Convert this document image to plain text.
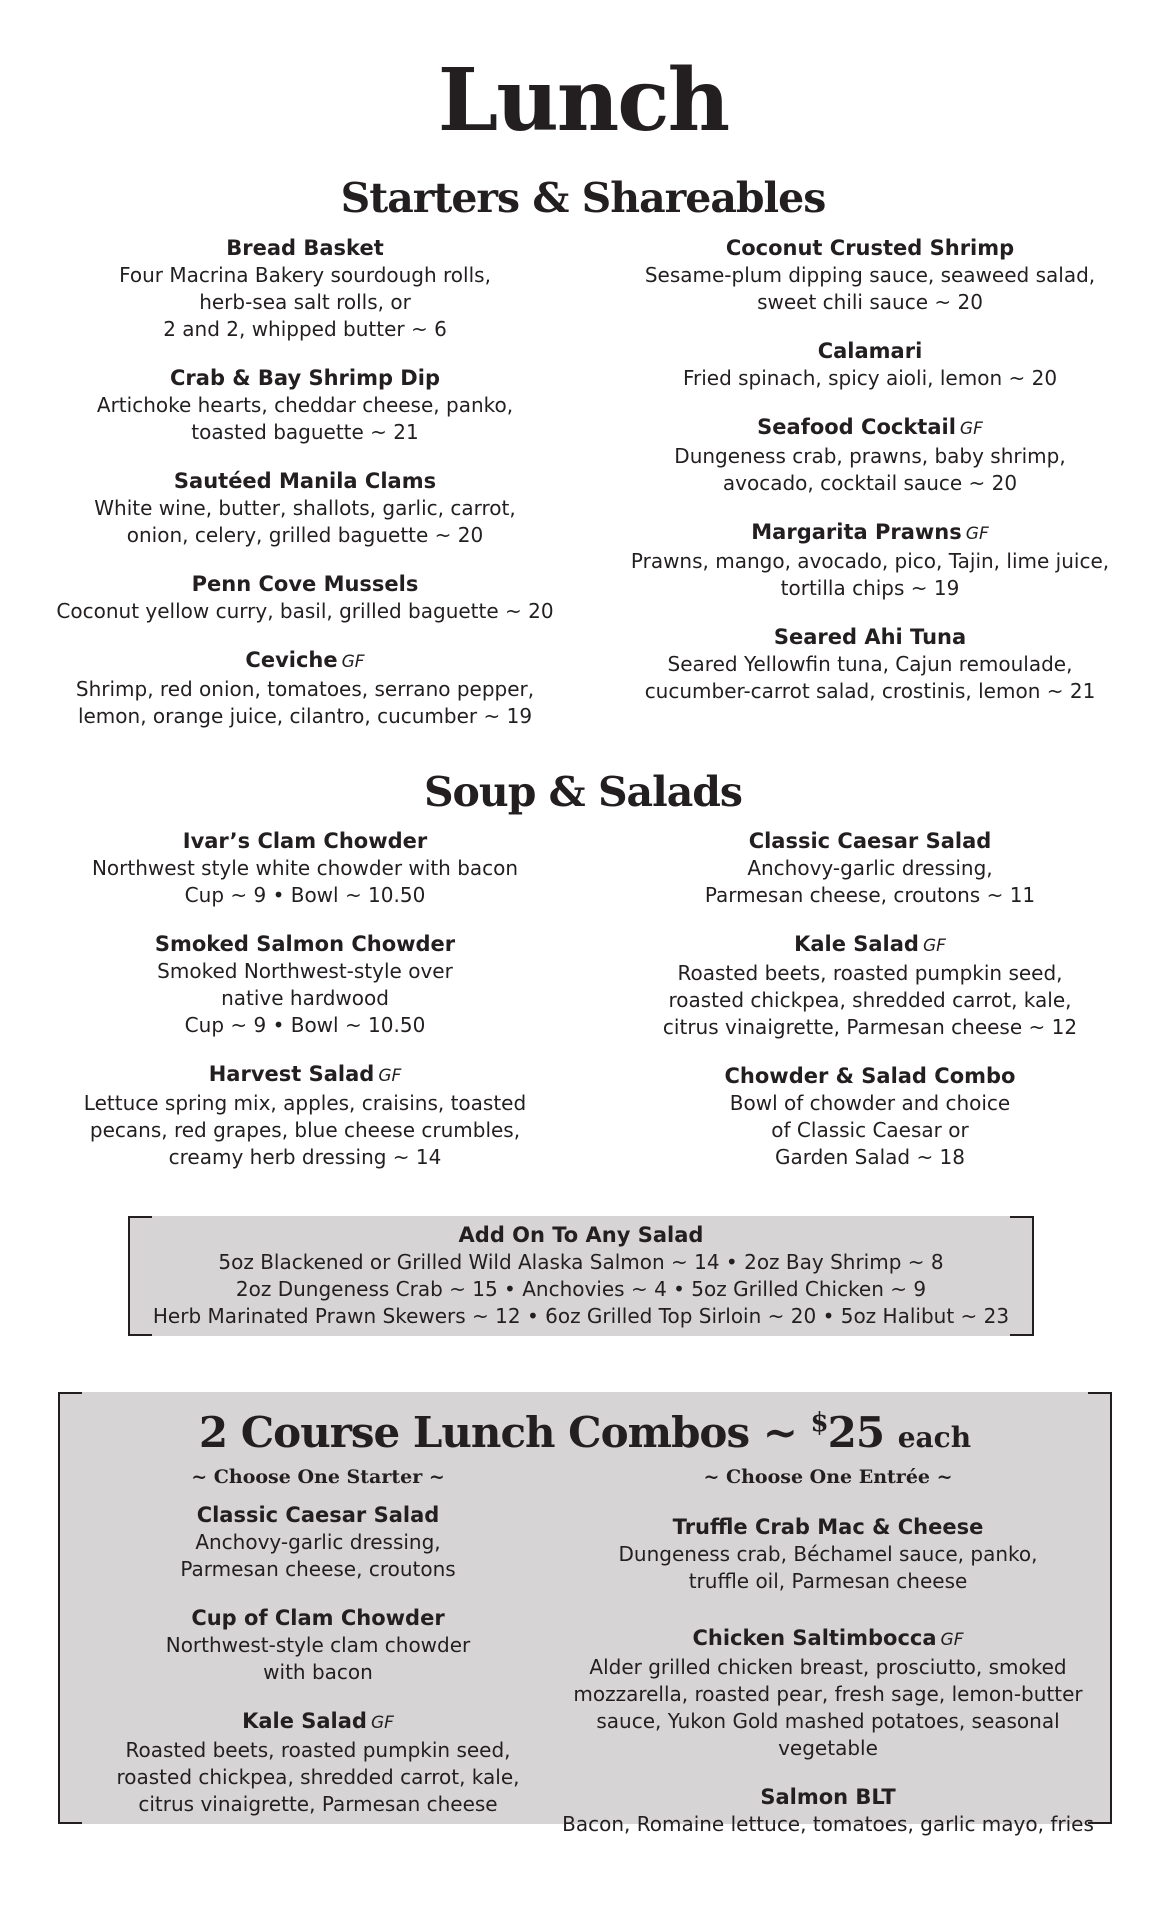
Lunch
Starters & Shareables
Bread Basket
Four Macrina Bakery sourdough rolls,
herb-sea salt rolls, or
2 and 2, whipped butter ~ 6
Crab & Bay Shrimp Dip
Artichoke hearts, cheddar cheese, panko,
toasted baguette ~ 21
Sautéed Manila Clams
White wine, butter, shallots, garlic, carrot,
onion, celery, grilled baguette ~ 20
Penn Cove Mussels
Coconut yellow curry, basil, grilled baguette ~ 20
Ceviche GF
Shrimp, red onion, tomatoes, serrano pepper,
lemon, orange juice, cilantro, cucumber ~ 19
Coconut Crusted Shrimp
Sesame-plum dipping sauce, seaweed salad,
sweet chili sauce ~ 20
Calamari
Fried spinach, spicy aioli, lemon ~ 20
Seafood Cocktail GF
Dungeness crab, prawns, baby shrimp,
avocado, cocktail sauce ~ 20
Margarita Prawns GF
Prawns, mango, avocado, pico, Tajin, lime juice,
tortilla chips ~ 19
Seared Ahi Tuna
Seared Yellowfin tuna, Cajun remoulade,
cucumber-carrot salad, crostinis, lemon ~ 21
Soup & Salads
Ivar’s Clam Chowder
Northwest style white chowder with bacon
Cup ~ 9 • Bowl ~ 10.50
Smoked Salmon Chowder
Smoked Northwest-style over
native hardwood
Cup ~ 9 • Bowl ~ 10.50
Harvest Salad GF
Lettuce spring mix, apples, craisins, toasted
pecans, red grapes, blue cheese crumbles,
creamy herb dressing ~ 14
Classic Caesar Salad
Anchovy-garlic dressing,
Parmesan cheese, croutons ~ 11
Kale Salad GF
Roasted beets, roasted pumpkin seed,
roasted chickpea, shredded carrot, kale,
citrus vinaigrette, Parmesan cheese ~ 12
Chowder & Salad Combo
Bowl of chowder and choice
of Classic Caesar or
Garden Salad ~ 18
Add On To Any Salad
5oz Blackened or Grilled Wild Alaska Salmon ~ 14 • 2oz Bay Shrimp ~ 8
2oz Dungeness Crab ~ 15 • Anchovies ~ 4 • 5oz Grilled Chicken ~ 9
Herb Marinated Prawn Skewers ~ 12 • 6oz Grilled Top Sirloin ~ 20 • 5oz Halibut ~ 23
2 Course Lunch Combos ~ $25 each
~ Choose One Starter ~
Classic Caesar Salad
Anchovy-garlic dressing,
Parmesan cheese, croutons
Cup of Clam Chowder
Northwest-style clam chowder
with bacon
Kale Salad GF
Roasted beets, roasted pumpkin seed,
roasted chickpea, shredded carrot, kale,
citrus vinaigrette, Parmesan cheese
~ Choose One Entrée ~
Truffle Crab Mac & Cheese
Dungeness crab, Béchamel sauce, panko,
truffle oil, Parmesan cheese
Chicken Saltimbocca GF
Alder grilled chicken breast, prosciutto, smoked
mozzarella, roasted pear, fresh sage, lemon-butter
sauce, Yukon Gold mashed potatoes, seasonal vegetable
Salmon BLT
Bacon, Romaine lettuce, tomatoes, garlic mayo, fries
